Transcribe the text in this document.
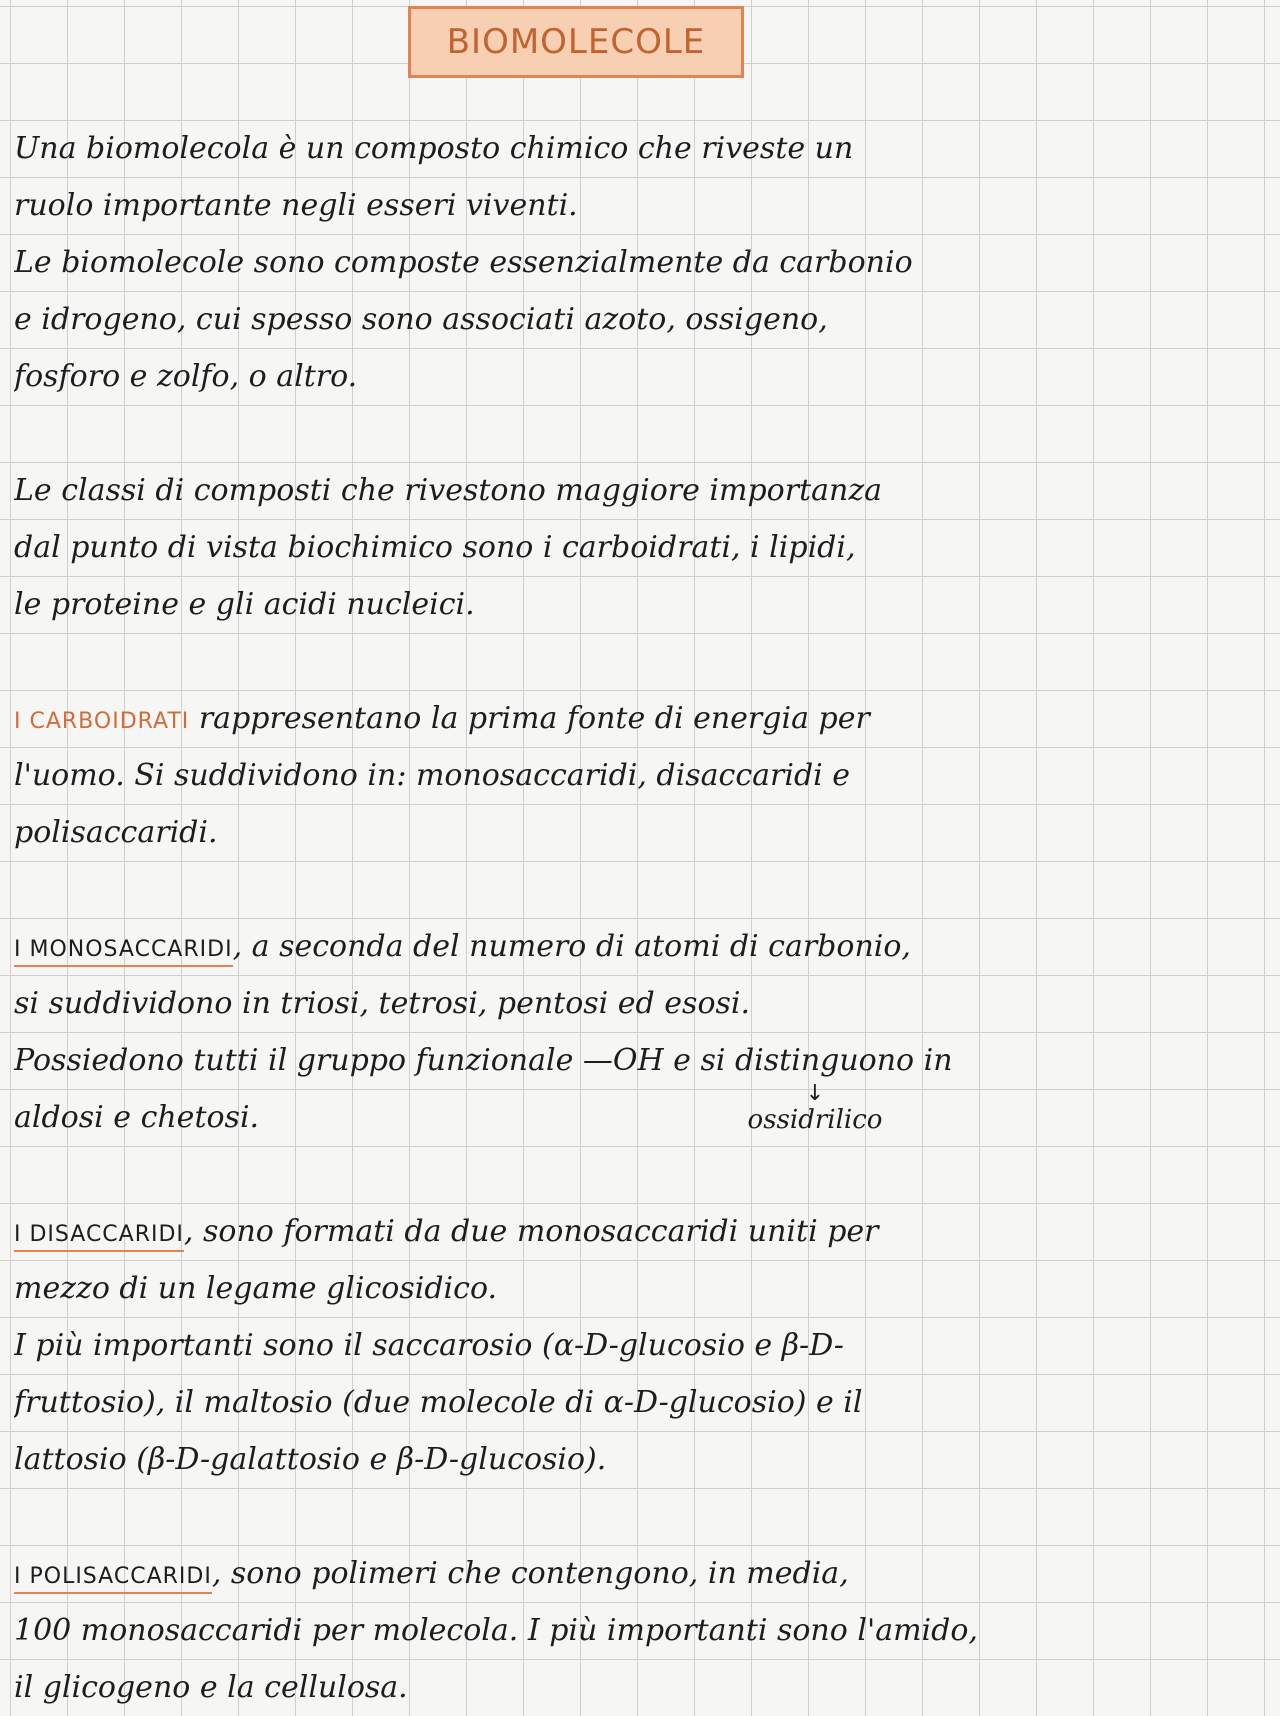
BIOMOLECOLE
Una biomolecola è un composto chimico che riveste un
ruolo importante negli esseri viventi.
Le biomolecole sono composte essenzialmente da carbonio
e idrogeno, cui spesso sono associati azoto, ossigeno,
fosforo e zolfo, o altro.
Le classi di composti che rivestono maggiore importanza
dal punto di vista biochimico sono i carboidrati, i lipidi,
le proteine e gli acidi nucleici.
I CARBOIDRATI rappresentano la prima fonte di energia per
l'uomo. Si suddividono in: monosaccaridi, disaccaridi e
polisaccaridi.
I MONOSACCARIDI, a seconda del numero di atomi di carbonio,
si suddividono in triosi, tetrosi, pentosi ed esosi.
Possiedono tutti il gruppo funzionale —OH e si distinguono in
aldosi e chetosi.
↓
ossidrilico
I DISACCARIDI, sono formati da due monosaccaridi uniti per
mezzo di un legame glicosidico.
I più importanti sono il saccarosio (α-D-glucosio e β-D-
fruttosio), il maltosio (due molecole di α-D-glucosio) e il
lattosio (β-D-galattosio e β-D-glucosio).
I POLISACCARIDI, sono polimeri che contengono, in media,
100 monosaccaridi per molecola. I più importanti sono l'amido,
il glicogeno e la cellulosa.
